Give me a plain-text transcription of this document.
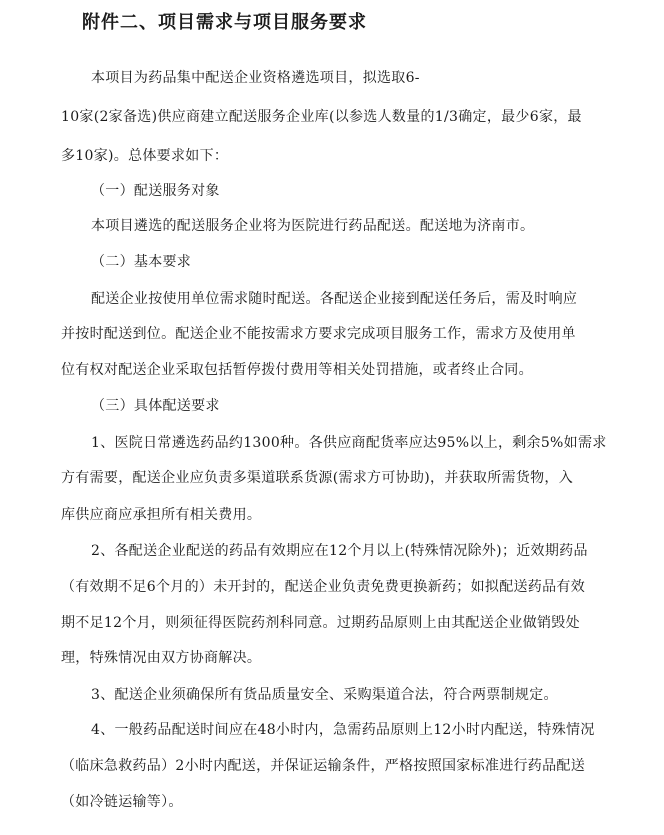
附件二、项目需求与项目服务要求
本项目为药品集中配送企业资格遴选项目，拟选取6-
10家(2家备选)供应商建立配送服务企业库(以参选人数量的1/3确定，最少6家，最
多10家)。总体要求如下：
（一）配送服务对象
本项目遴选的配送服务企业将为医院进行药品配送。配送地为济南市。
（二）基本要求
配送企业按使用单位需求随时配送。各配送企业接到配送任务后，需及时响应
并按时配送到位。配送企业不能按需求方要求完成项目服务工作，需求方及使用单
位有权对配送企业采取包括暂停拨付费用等相关处罚措施，或者终止合同。
（三）具体配送要求
1、医院日常遴选药品约1300种。各供应商配货率应达95%以上，剩余5%如需求
方有需要，配送企业应负责多渠道联系货源(需求方可协助)，并获取所需货物，入
库供应商应承担所有相关费用。
2、各配送企业配送的药品有效期应在12个月以上(特殊情况除外)；近效期药品
（有效期不足6个月的）未开封的，配送企业负责免费更换新药；如拟配送药品有效
期不足12个月，则须征得医院药剂科同意。过期药品原则上由其配送企业做销毁处
理，特殊情况由双方协商解决。
3、配送企业须确保所有货品质量安全、采购渠道合法，符合两票制规定。
4、一般药品配送时间应在48小时内，急需药品原则上12小时内配送，特殊情况
（临床急救药品）2小时内配送，并保证运输条件，严格按照国家标准进行药品配送
（如冷链运输等）。
